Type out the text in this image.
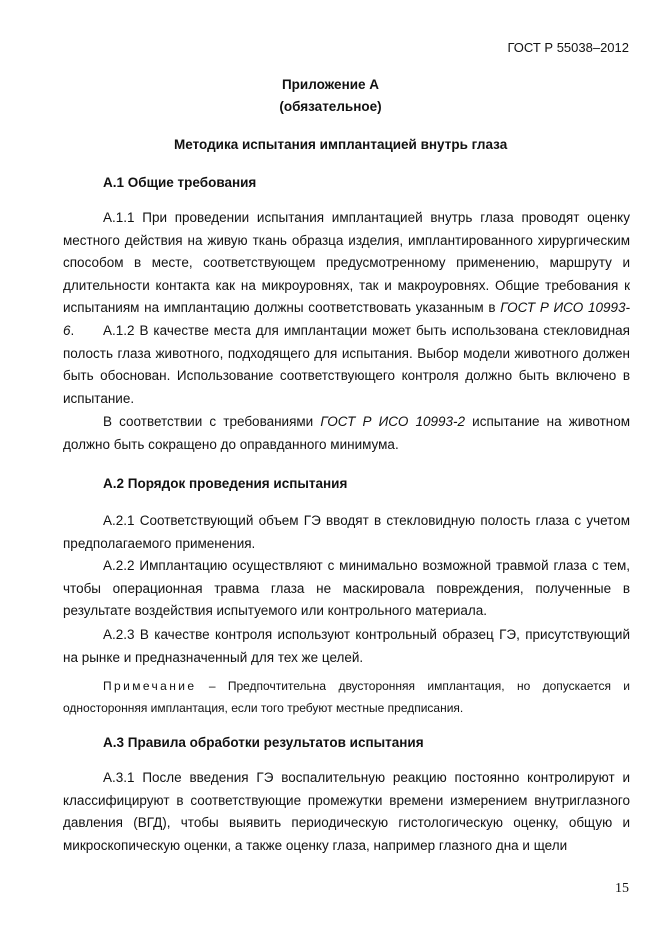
ГОСТ Р 55038–2012
Приложение А
(обязательное)
Методика испытания имплантацией внутрь глаза
А.1 Общие требования

А.1.1 При проведении испытания имплантацией внутрь глаза проводят оценку местного действия на живую ткань образца изделия, имплантированного хирургическим способом в месте, соответствующем предусмотренному применению, маршруту и длительности контакта как на микроуровнях, так и макроуровнях. Общие требования к испытаниям на имплантацию должны соответствовать указанным в ГОСТ Р ИСО 10993-6.	А.1.2 В качестве места для имплантации может быть использована стекловидная полость глаза животного, подходящего для испытания. Выбор модели животного должен быть обоснован. Использование соответствующего контроля должно быть включено в испытание.

В соответствии с требованиями ГОСТ Р ИСО 10993-2 испытание на животном должно быть сокращено до оправданного минимума.

А.2 Порядок проведения испытания

А.2.1 Соответствующий объем ГЭ вводят в стекловидную полость глаза с учетом предполагаемого применения.

А.2.2 Имплантацию осуществляют с минимально возможной травмой глаза с тем, чтобы операционная травма глаза не маскировала повреждения, полученные в результате воздействия испытуемого или контрольного материала.

А.2.3 В качестве контроля используют контрольный образец ГЭ, присутствующий на рынке и предназначенный для тех же целей.

Примечание – Предпочтительна двусторонняя имплантация, но допускается и односторонняя имплантация, если того требуют местные предписания.

А.3 Правила обработки результатов испытания

А.3.1 После введения ГЭ воспалительную реакцию постоянно контролируют и классифицируют в соответствующие промежутки времени измерением внутриглазного давления (ВГД), чтобы выявить периодическую гистологическую оценку, общую и микроскопическую оценки, а также оценку глаза, например глазного дна и щели

15
